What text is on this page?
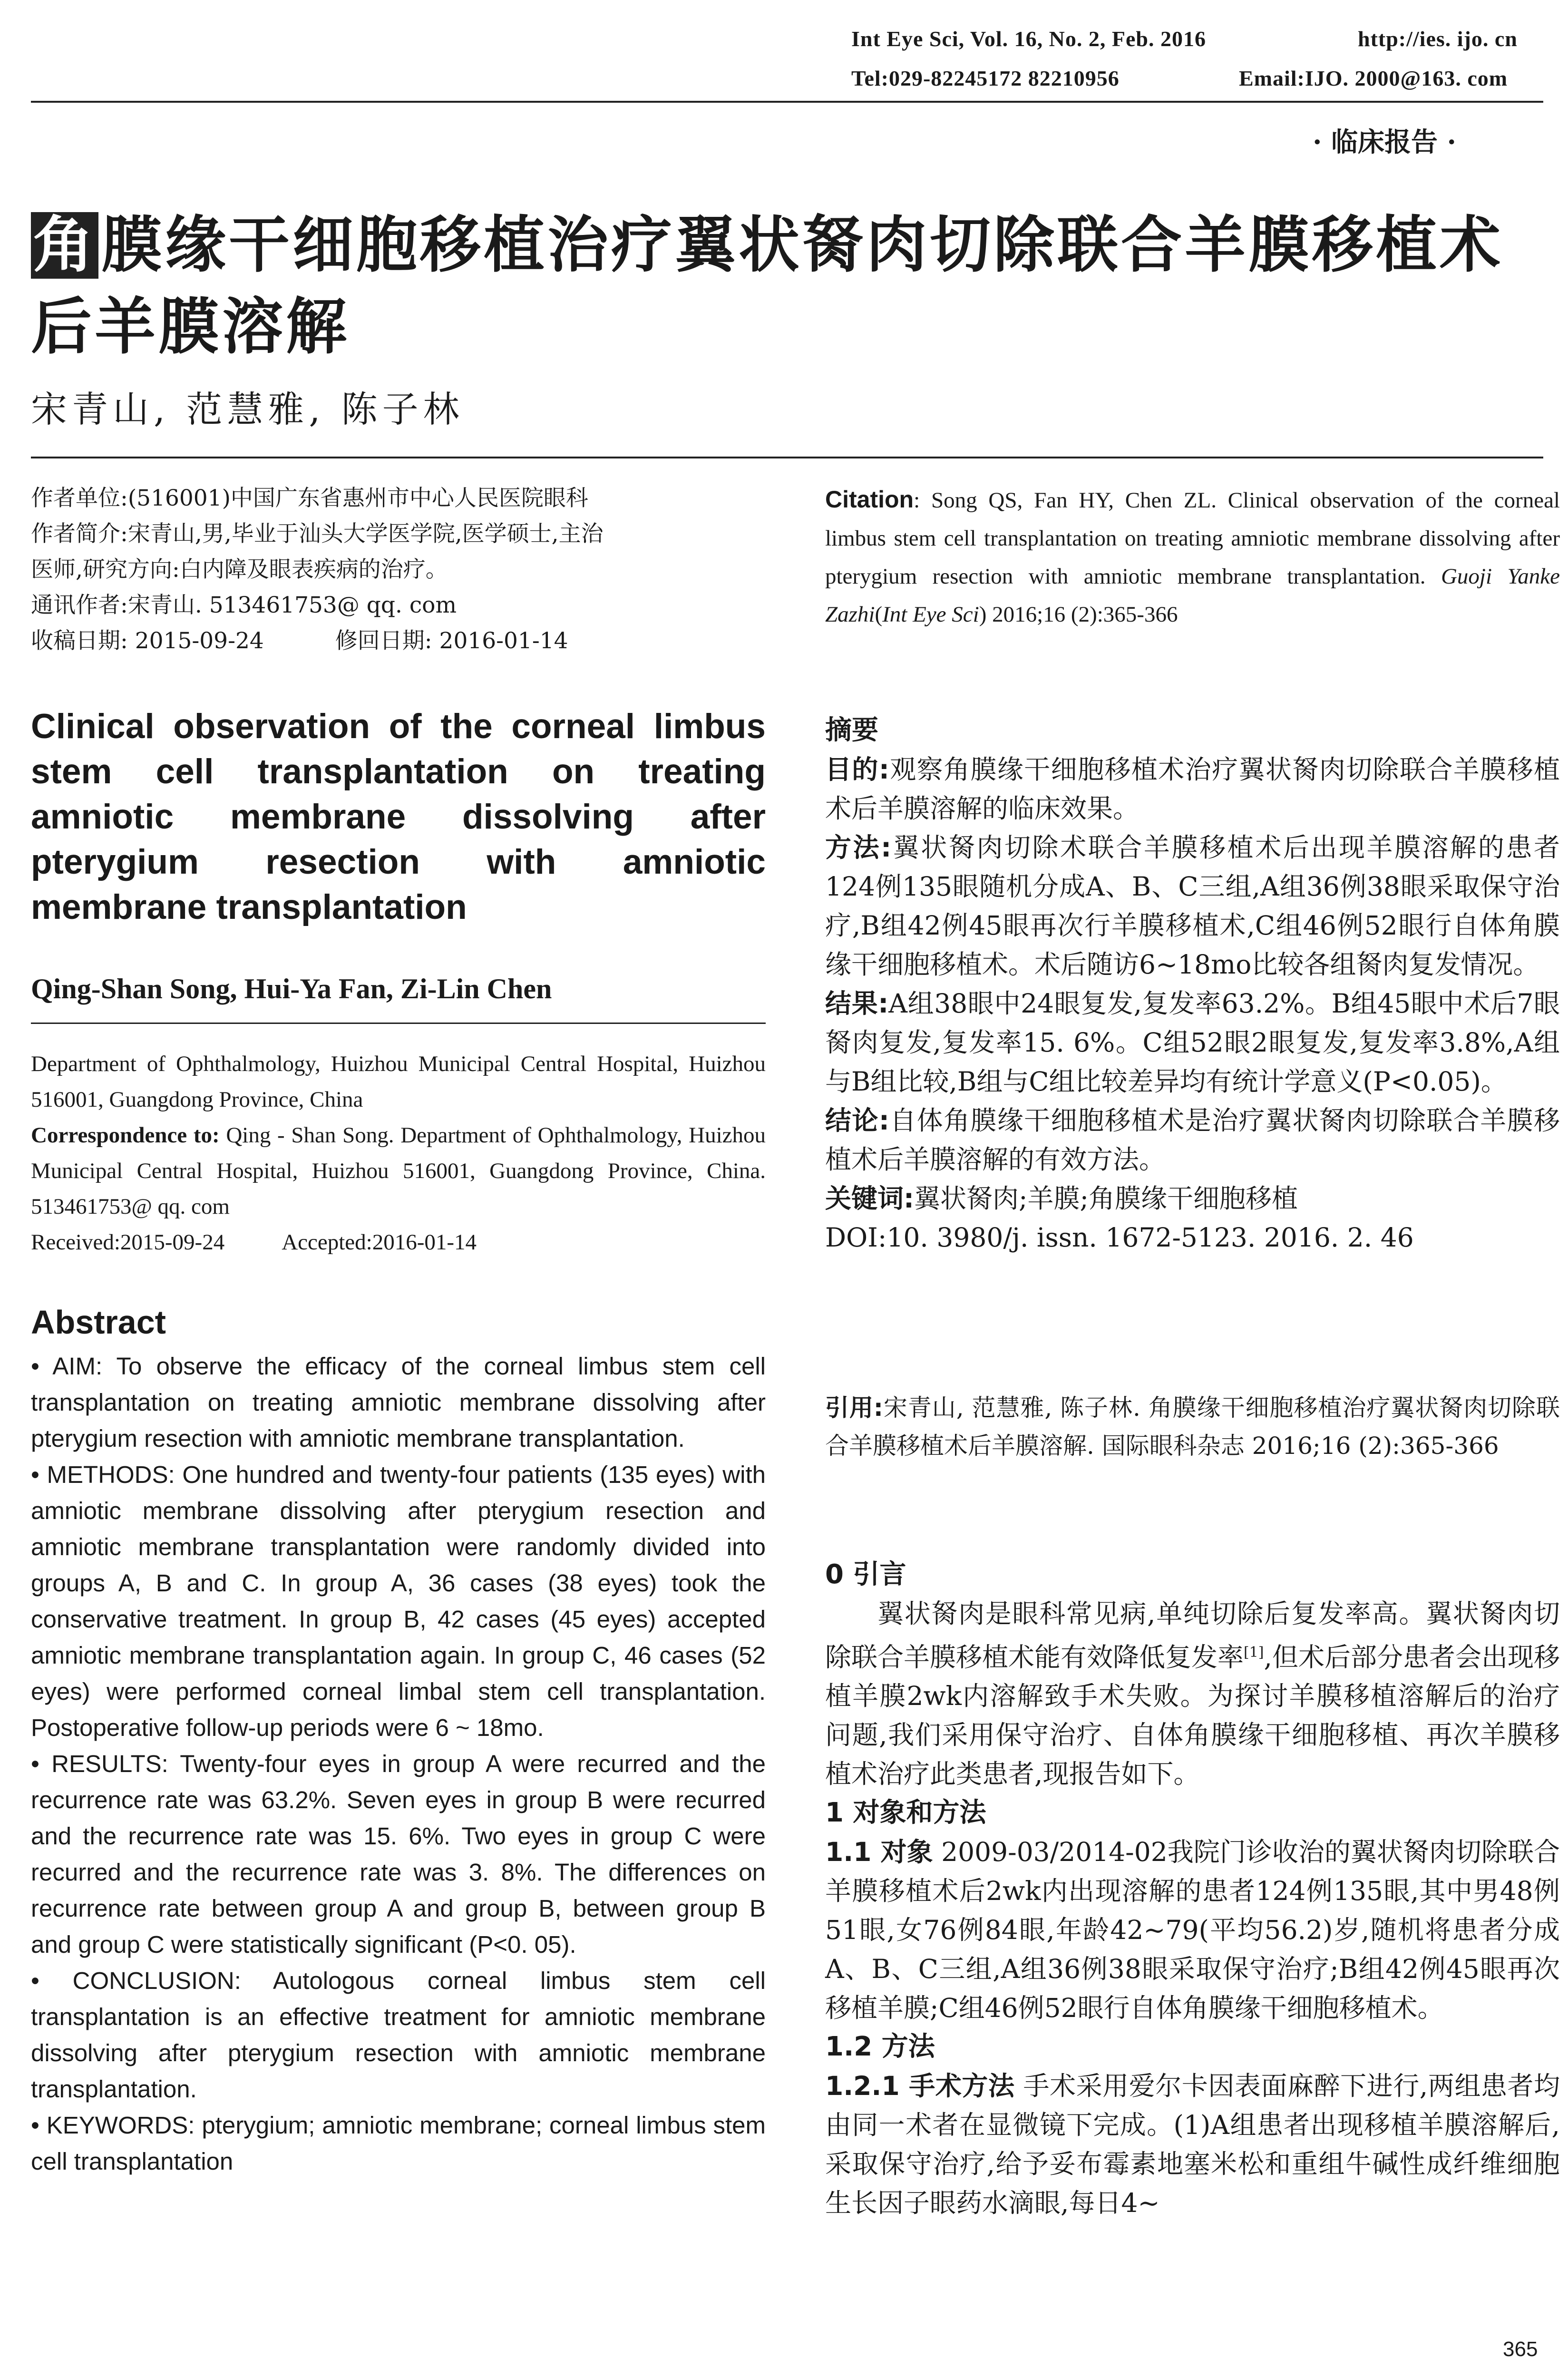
Int Eye Sci, Vol. 16, No. 2, Feb. 2016	http://ies. ijo. cn
Tel:029-82245172 82210956	Email:IJO. 2000@163. com
· 临床报告 ·
角膜缘干细胞移植治疗翼状胬肉切除联合羊膜移植术后羊膜溶解
宋青山, 范慧雅, 陈子林
作者单位:(516001)中国广东省惠州市中心人民医院眼科
作者简介:宋青山,男,毕业于汕头大学医学院,医学硕士,主治
医师,研究方向:白内障及眼表疾病的治疗。
通讯作者:宋青山. 513461753@ qq. com
收稿日期: 2015-09-24	修回日期: 2016-01-14
Clinical observation of the corneal limbus stem cell transplantation on treating amniotic membrane dissolving after pterygium resection with amniotic membrane transplantation
Qing-Shan Song, Hui-Ya Fan, Zi-Lin Chen
Department of Ophthalmology, Huizhou Municipal Central Hospital, Huizhou 516001, Guangdong Province, China
Correspondence to: Qing - Shan Song. Department of Ophthalmology, Huizhou Municipal Central Hospital, Huizhou 516001, Guangdong Province, China. 513461753@ qq. com
Received:2015-09-24	Accepted:2016-01-14
Abstract

• AIM: To observe the efficacy of the corneal limbus stem cell transplantation on treating amniotic membrane dissolving after pterygium resection with amniotic membrane transplantation.

• METHODS: One hundred and twenty-four patients (135 eyes) with amniotic membrane dissolving after pterygium resection and amniotic membrane transplantation were randomly divided into groups A, B and C. In group A, 36 cases (38 eyes) took the conservative treatment. In group B, 42 cases (45 eyes) accepted amniotic membrane transplantation again. In group C, 46 cases (52 eyes) were performed corneal limbal stem cell transplantation. Postoperative follow-up periods were 6 ~ 18mo.

• RESULTS: Twenty-four eyes in group A were recurred and the recurrence rate was 63.2%. Seven eyes in group B were recurred and the recurrence rate was 15. 6%. Two eyes in group C were recurred and the recurrence rate was 3. 8%. The differences on recurrence rate between group A and group B, between group B and group C were statistically significant (P<0. 05).

• CONCLUSION: Autologous corneal limbus stem cell transplantation is an effective treatment for amniotic membrane dissolving after pterygium resection with amniotic membrane transplantation.

• KEYWORDS: pterygium; amniotic membrane; corneal limbus stem cell transplantation

Citation: Song QS, Fan HY, Chen ZL. Clinical observation of the corneal limbus stem cell transplantation on treating amniotic membrane dissolving after pterygium resection with amniotic membrane transplantation. Guoji Yanke Zazhi(Int Eye Sci) 2016;16 (2):365-366
摘要

目的:观察角膜缘干细胞移植术治疗翼状胬肉切除联合羊膜移植术后羊膜溶解的临床效果。

方法:翼状胬肉切除术联合羊膜移植术后出现羊膜溶解的患者124例135眼随机分成A、B、C三组,A组36例38眼采取保守治疗,B组42例45眼再次行羊膜移植术,C组46例52眼行自体角膜缘干细胞移植术。术后随访6~18mo比较各组胬肉复发情况。

结果:A组38眼中24眼复发,复发率63.2%。B组45眼中术后7眼胬肉复发,复发率15. 6%。C组52眼2眼复发,复发率3.8%,A组与B组比较,B组与C组比较差异均有统计学意义(P<0.05)。

结论:自体角膜缘干细胞移植术是治疗翼状胬肉切除联合羊膜移植术后羊膜溶解的有效方法。

关键词:翼状胬肉;羊膜;角膜缘干细胞移植

DOI:10. 3980/j. issn. 1672-5123. 2016. 2. 46

引用:宋青山, 范慧雅, 陈子林. 角膜缘干细胞移植治疗翼状胬肉切除联合羊膜移植术后羊膜溶解. 国际眼科杂志 2016;16 (2):365-366
0 引言

翼状胬肉是眼科常见病,单纯切除后复发率高。翼状胬肉切除联合羊膜移植术能有效降低复发率[1],但术后部分患者会出现移植羊膜2wk内溶解致手术失败。为探讨羊膜移植溶解后的治疗问题,我们采用保守治疗、自体角膜缘干细胞移植、再次羊膜移植术治疗此类患者,现报告如下。

1 对象和方法

1.1 对象 2009-03/2014-02我院门诊收治的翼状胬肉切除联合羊膜移植术后2wk内出现溶解的患者124例135眼,其中男48例51眼,女76例84眼,年龄42~79(平均56.2)岁,随机将患者分成A、B、C三组,A组36例38眼采取保守治疗;B组42例45眼再次移植羊膜;C组46例52眼行自体角膜缘干细胞移植术。

1.2 方法

1.2.1 手术方法 手术采用爱尔卡因表面麻醉下进行,两组患者均由同一术者在显微镜下完成。(1)A组患者出现移植羊膜溶解后,采取保守治疗,给予妥布霉素地塞米松和重组牛碱性成纤维细胞生长因子眼药水滴眼,每日4~

365
